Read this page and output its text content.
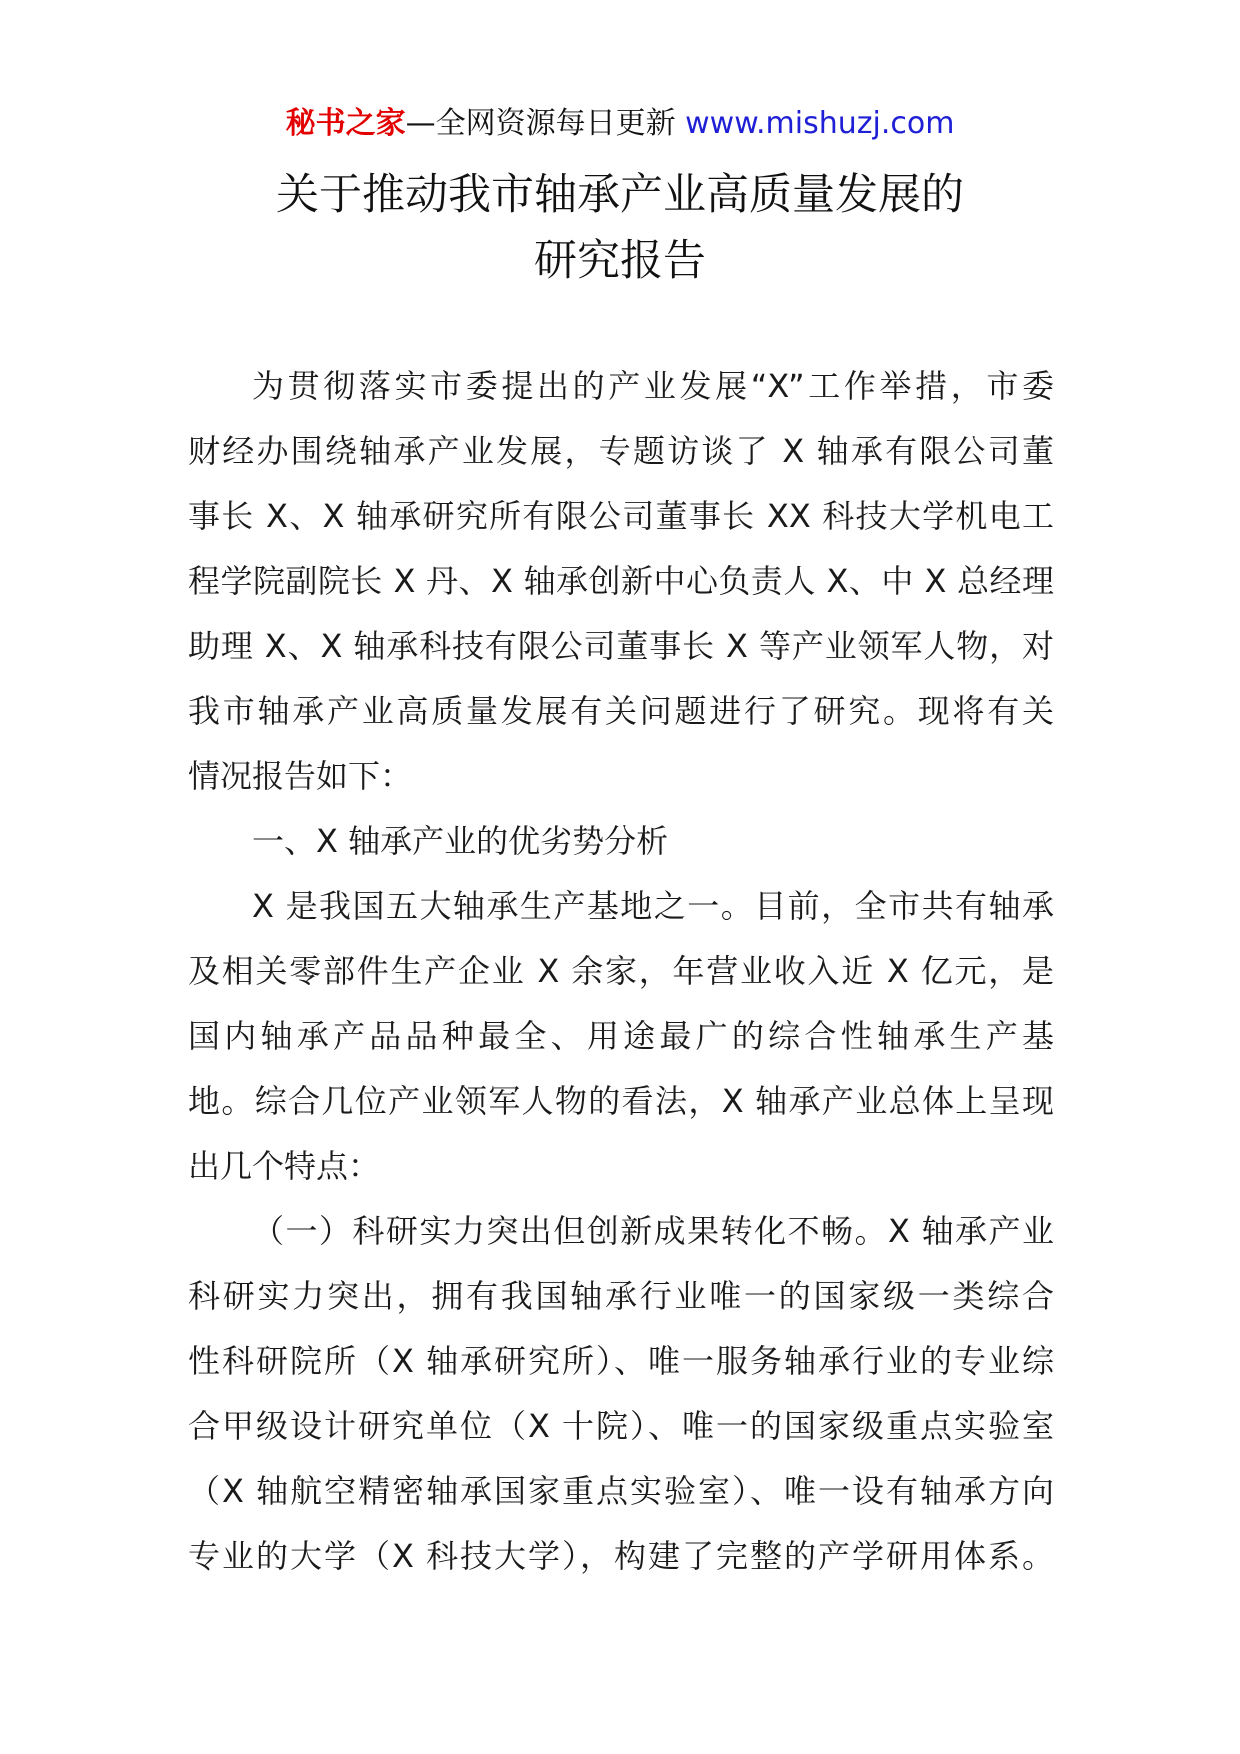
秘书之家—全网资源每日更新 www.mishuzj.com
关于推动我市轴承产业高质量发展的
研究报告
为贯彻落实市委提出的产业发展“X”工作举措，市委
财经办围绕轴承产业发展，专题访谈了 X 轴承有限公司董
事长 X、X 轴承研究所有限公司董事长 XX 科技大学机电工
程学院副院长 X 丹、X 轴承创新中心负责人 X、中 X 总经理
助理 X、X 轴承科技有限公司董事长 X 等产业领军人物，对
我市轴承产业高质量发展有关问题进行了研究。现将有关
情况报告如下：
一、X 轴承产业的优劣势分析
X 是我国五大轴承生产基地之一。目前，全市共有轴承
及相关零部件生产企业 X 余家，年营业收入近 X 亿元，是
国内轴承产品品种最全、用途最广的综合性轴承生产基
地。综合几位产业领军人物的看法，X 轴承产业总体上呈现
出几个特点：
（一）科研实力突出但创新成果转化不畅。X 轴承产业
科研实力突出，拥有我国轴承行业唯一的国家级一类综合
性科研院所（X 轴承研究所）、唯一服务轴承行业的专业综
合甲级设计研究单位（X 十院）、唯一的国家级重点实验室
（X 轴航空精密轴承国家重点实验室）、唯一设有轴承方向
专业的大学（X 科技大学），构建了完整的产学研用体系。
